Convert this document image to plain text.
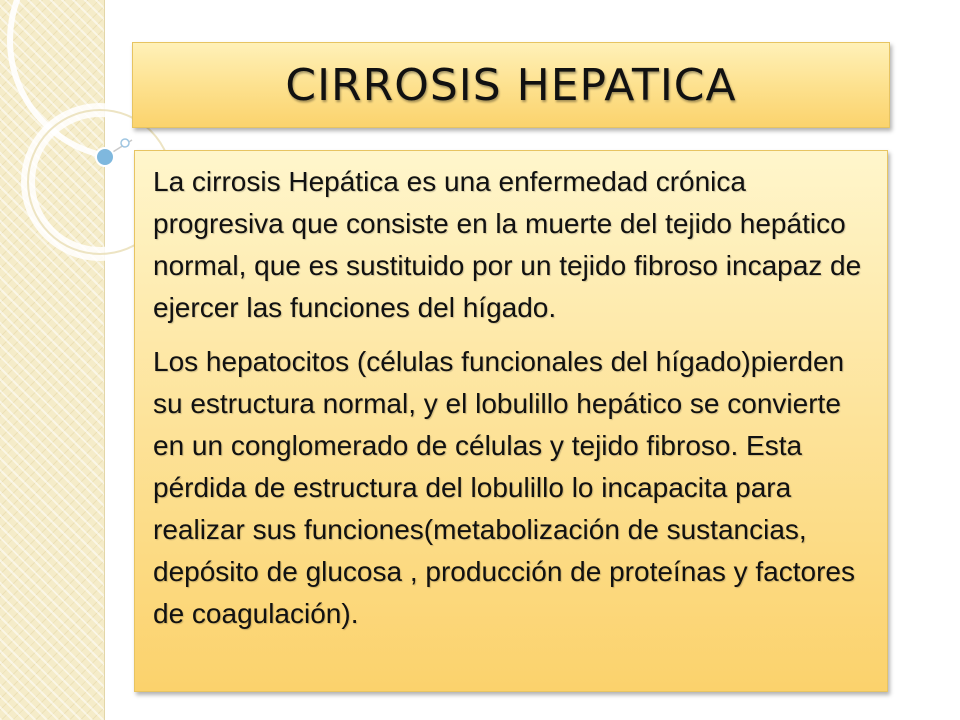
CIRROSIS HEPATICA

La cirrosis Hepática es una enfermedad crónica progresiva que consiste en la muerte del tejido hepático normal, que es sustituido por un tejido fibroso incapaz de ejercer las funciones del hígado.

Los hepatocitos (células funcionales del hígado)pierden su estructura normal, y el lobulillo hepático se convierte en un conglomerado de células y tejido fibroso. Esta pérdida de estructura del lobulillo lo incapacita para realizar sus funciones(metabolización de sustancias, depósito de glucosa , producción de proteínas y factores de coagulación).
